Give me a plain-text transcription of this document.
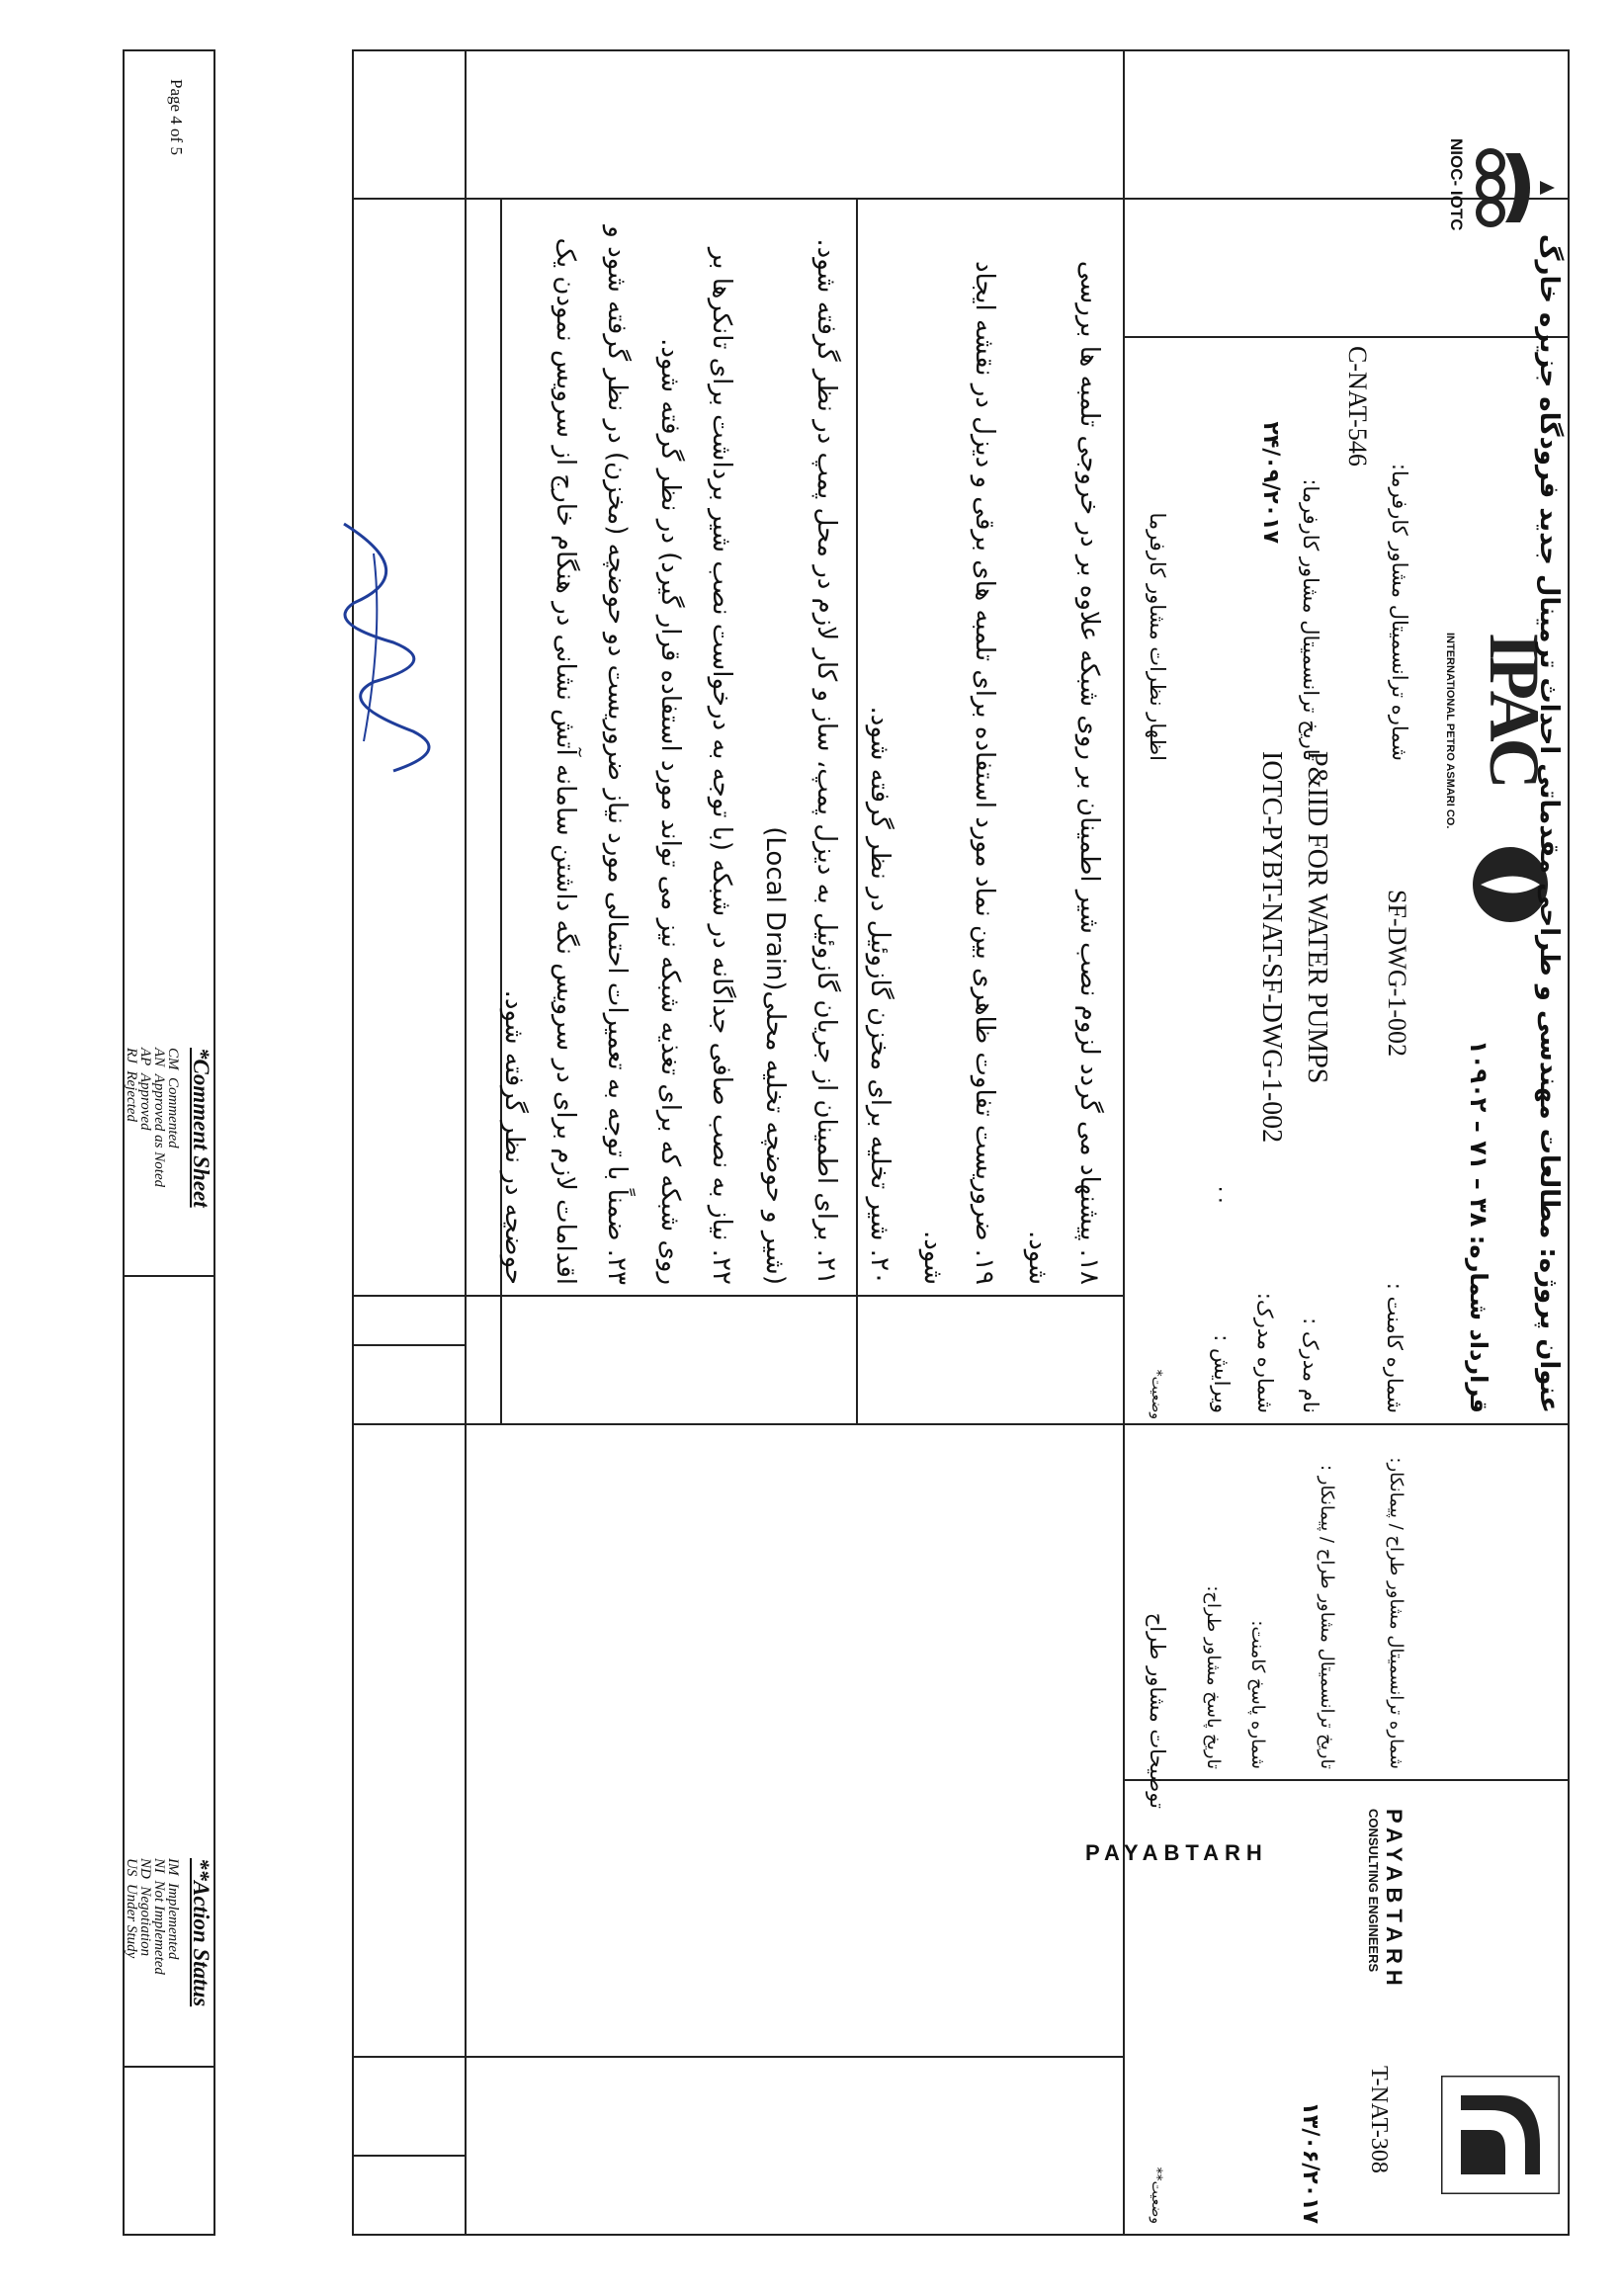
PAYABTARH	PAYABTARH
CONSULTING ENGINEERS
IPAC
INTERNATIONAL PETRO ASMARI CO.
NIOC- IOTC
عنوان پروژه: مطالعات مهندسی و طراحی مقدماتی احداث ترمینال جدید فرودگاه جزیره خارگ
قرارداد شماره: ۳۸ – ۷۱ – ۱۰۹۰۲
شماره کامنت :
SF-DWG-1-002
نام مدرک :
P&IID FOR WATER PUMPS
شماره مدرک:
IOTC-PYBT-NAT-SF-DWG-1-002
ویرایش :
۰۰
شماره ترانسمیتال مشاور کارفرما:
C-NAT-546
تاریخ ترانسمیتال مشاور کارفرما:
۲۴/۰۹/۲۰۱۷
شماره ترانسمیتال مشاور طراح / پیمانکار:
T-NAT-308
تاریخ ترانسمیتال مشاور طراح / پیمانکار :
۱۳/۰۶/۲۰۱۷
شماره پاسخ کامنت:
تاریخ پاسخ مشاور طراح:
اظهار نظرات مشاور کارفرما
وضعیت*
توضیحات مشاور طراح
وضعیت**
۱۸. پیشنهاد می گردد لزوم نصب شیر اطمینان بر روی شبکه علاوه بر در خروجی تلمبه ها بررسی شود.
۱۹. ضروریست تفاوت ظاهری بین نماد مورد استفاده برای تلمبه های برقی و دیزل در نقشه ایجاد شود.
۲۰. شیر تخلیه برای مخزن گازوئیل در نظر گرفته شود.
۲۱. برای اطمینان از جریان گازوئیل به دیزل پمپ، ساز و کار لازم در محل پمپ در نظر گرفته شود. (شیر و حوضچه تخلیه محلی(Local Drain)
۲۲. نیاز به نصب صافی جداگانه در شبکه (با توجه به درخواست نصب شیر برداشت برای تانکرها بر روی شبکه که برای تغذیه شبکه نیز می تواند مورد استفاده قرار گیرد) در نظر گرفته شود.
۲۳. ضمناً با توجه به تعمیرات احتمالی مورد نیاز ضروریست دو حوضچه (مخزن) در نظر گرفته شود و اقدامات لازم برای در سرویس نگه داشتن سامانه آتش نشانی در هنگام خارج از سرویس نمودن یک حوضچه در نظر گرفته شود.
*Comment Sheet
CM  Commented
AN  Approved as Noted
AP  Approved
RJ  Rejected
**Action Status
IM  Implemented
NI  Not Implemeted
ND  Negotiation
US  Under Study
Page 4 of 5
